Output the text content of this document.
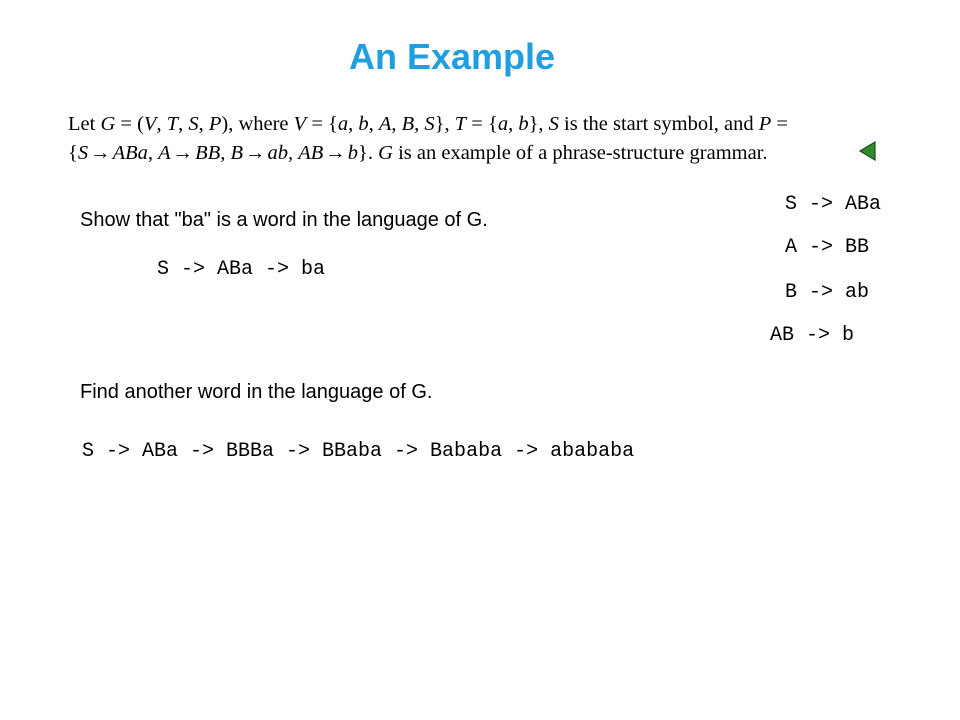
An Example
Let G = (V, T, S, P), where V = {a, b, A, B, S}, T = {a, b}, S is the start symbol, and P =
{S→ABa, A→BB, B→ab, AB→b}. G is an example of a phrase-structure grammar.
Show that "ba" is a word in the language of G.
S -> ABa -> ba
S -> ABa
A -> BB
B -> ab
AB -> b
Find another word in the language of G.
S -> ABa -> BBBa -> BBaba -> Bababa -> abababa
